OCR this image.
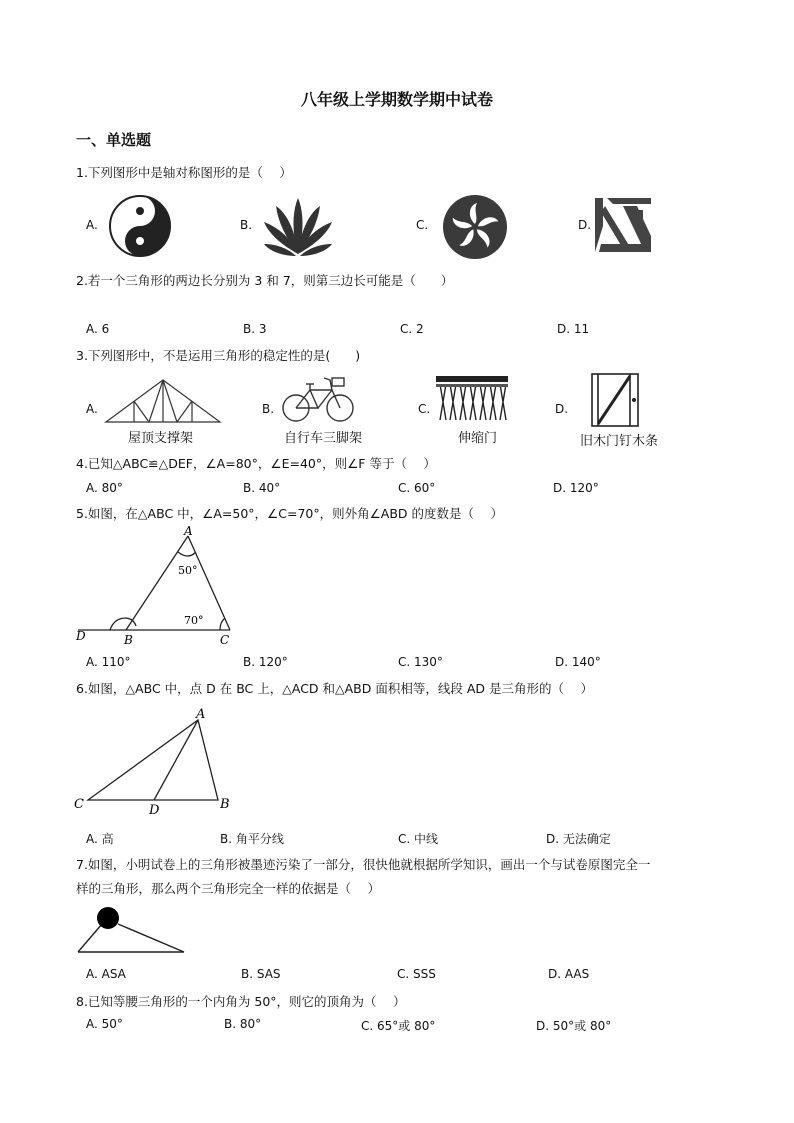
八年级上学期数学期中试卷
一、单选题
1.下列图形中是轴对称图形的是（　 ）
A.	B.	C.	D.
2.若一个三角形的两边长分别为 3 和 7，则第三边长可能是（　　）
A. 6	B. 3	C. 2	D. 11
3.下列图形中，不是运用三角形的稳定性的是(　　)
A.
屋顶支撑架
B.
自行车三脚架
C.
伸缩门
D.
旧木门钉木条
4.已知△ABC≌△DEF，∠A=80°，∠E=40°，则∠F 等于（　 ）
A. 80°	B. 40°	C. 60°	D. 120°
5.如图，在△ABC 中，∠A=50°，∠C=70°，则外角∠ABD 的度数是（　 ）
A
B	C
D
50°
70°
A. 110°	B. 120°	C. 130°	D. 140°
6.如图，△ABC 中，点 D 在 BC 上，△ACD 和△ABD 面积相等，线段 AD 是三角形的（　 ）
A
C	D	B
A. 高	B. 角平分线	C. 中线	D. 无法确定
7.如图，小明试卷上的三角形被墨迹污染了一部分，很快他就根据所学知识，画出一个与试卷原图完全一
样的三角形，那么两个三角形完全一样的依据是（　 ）
A. ASA	B. SAS	C. SSS	D. AAS
8.已知等腰三角形的一个内角为 50°，则它的顶角为（　 ）
A. 50°	B. 80°	C. 65°或 80°	D. 50°或 80°
